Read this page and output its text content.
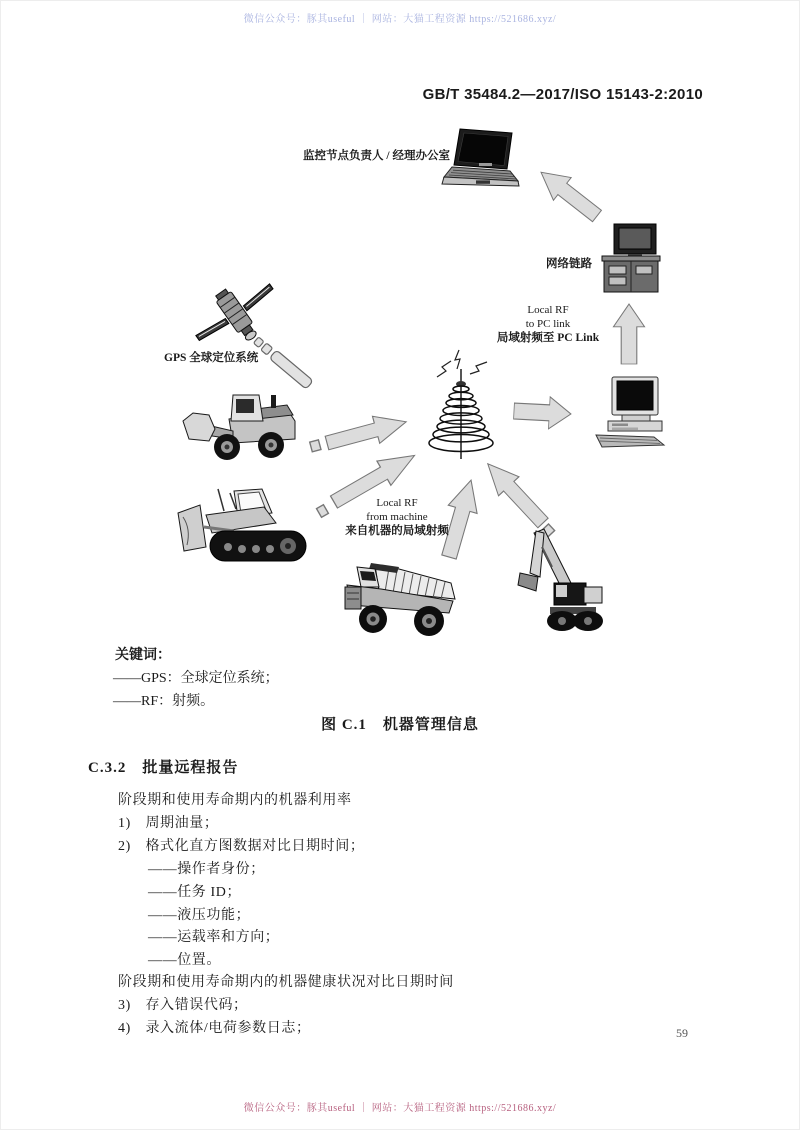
微信公众号：豚其useful ｜ 网站：大猫工程资源 https://521686.xyz/
微信公众号：豚其useful ｜ 网站：大猫工程资源 https://521686.xyz/
GB/T 35484.2—2017/ISO 15143-2:2010
监控节点负责人 / 经理办公室
网络链路
Local RF
to PC link
局域射频至 PC Link
GPS 全球定位系统
Local RF
from machine
来自机器的局域射频
关键词：
——GPS：全球定位系统；
——RF：射频。
图 C.1　机器管理信息
C.3.2　批量远程报告
阶段期和使用寿命期内的机器利用率
1)　周期油量；
2)　格式化直方图数据对比日期时间；
——操作者身份；
——任务 ID；
——液压功能；
——运载率和方向；
——位置。
阶段期和使用寿命期内的机器健康状况对比日期时间
3)　存入错误代码；
4)　录入流体/电荷参数日志；	59
